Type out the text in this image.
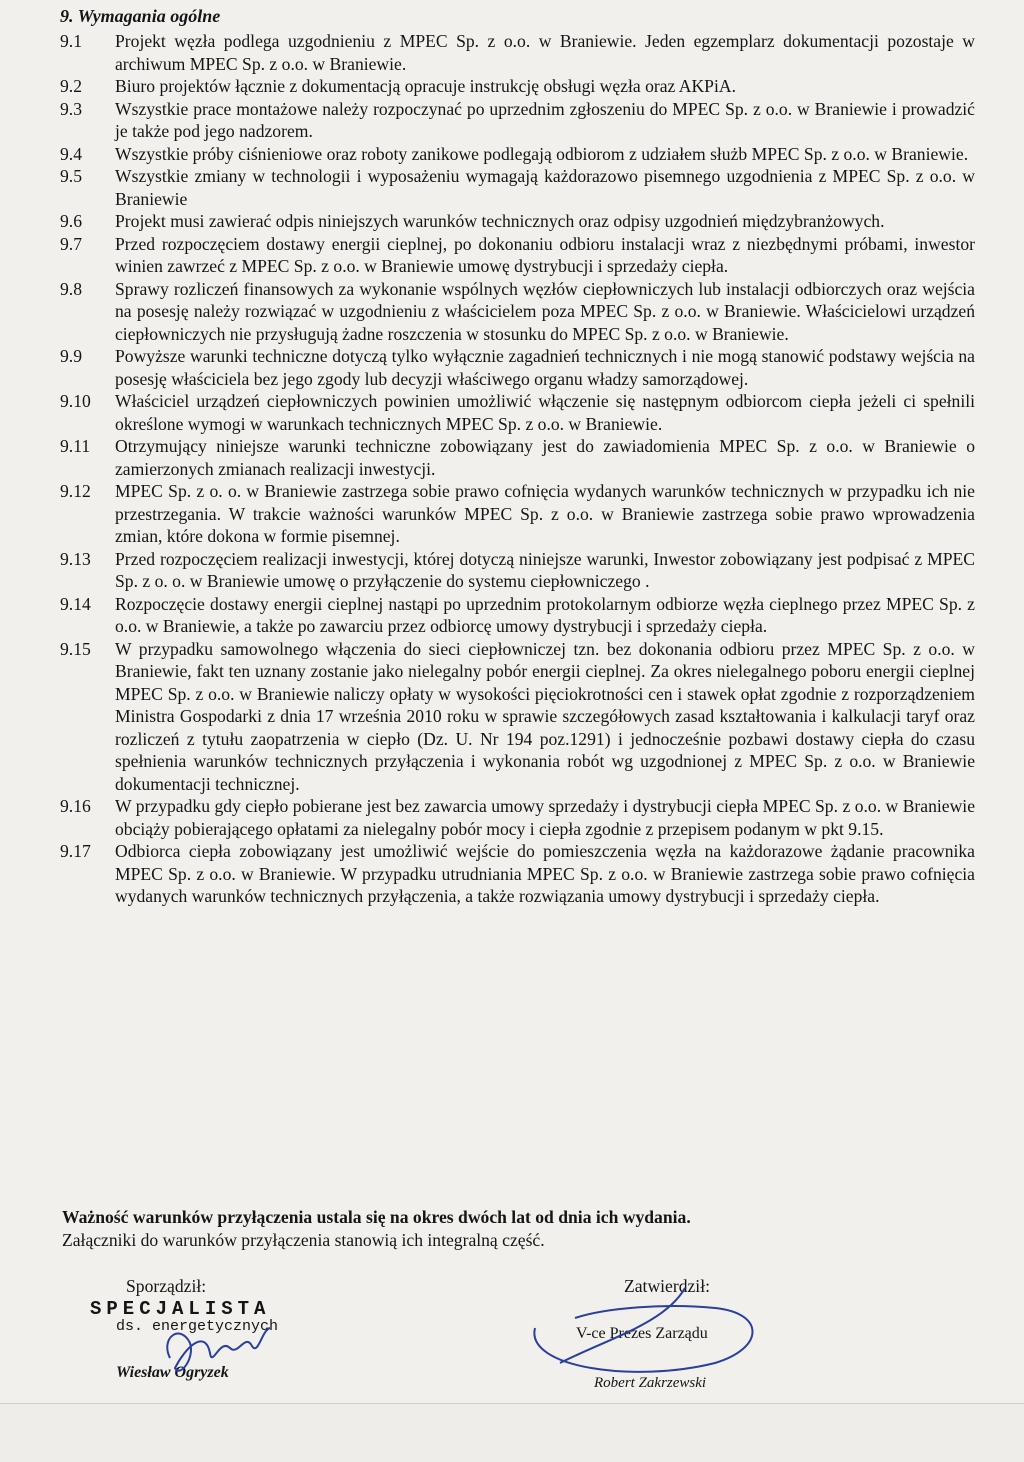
9. Wymagania ogólne
9.1	Projekt węzła podlega uzgodnieniu z MPEC Sp. z o.o. w Braniewie. Jeden egzemplarz dokumentacji pozostaje w archiwum MPEC Sp. z o.o. w Braniewie.
9.2	Biuro projektów łącznie z dokumentacją opracuje instrukcję obsługi węzła oraz AKPiA.
9.3	Wszystkie prace montażowe należy rozpoczynać po uprzednim zgłoszeniu do MPEC Sp. z o.o. w Braniewie i prowadzić je także pod jego nadzorem.
9.4	Wszystkie próby ciśnieniowe oraz roboty zanikowe podlegają odbiorom z udziałem służb MPEC Sp. z o.o. w Braniewie.
9.5	Wszystkie zmiany w technologii i wyposażeniu wymagają każdorazowo pisemnego uzgodnienia z MPEC Sp. z o.o. w Braniewie
9.6	Projekt musi zawierać odpis niniejszych warunków technicznych oraz odpisy uzgodnień międzybranżowych.
9.7	Przed rozpoczęciem dostawy energii cieplnej, po dokonaniu odbioru instalacji wraz z niezbędnymi próbami, inwestor winien zawrzeć z MPEC Sp. z o.o. w Braniewie umowę dystrybucji i sprzedaży ciepła.
9.8	Sprawy rozliczeń finansowych za wykonanie wspólnych węzłów ciepłowniczych lub instalacji odbiorczych oraz wejścia na posesję należy rozwiązać w uzgodnieniu z właścicielem poza MPEC Sp. z o.o. w Braniewie. Właścicielowi urządzeń ciepłowniczych nie przysługują żadne roszczenia w stosunku do MPEC Sp. z o.o. w Braniewie.
9.9	Powyższe warunki techniczne dotyczą tylko wyłącznie zagadnień technicznych i nie mogą stanowić podstawy wejścia na posesję właściciela bez jego zgody lub decyzji właściwego organu władzy samorządowej.
9.10	Właściciel urządzeń ciepłowniczych powinien umożliwić włączenie się następnym odbiorcom ciepła jeżeli ci spełnili określone wymogi w warunkach technicznych MPEC Sp. z o.o. w Braniewie.
9.11	Otrzymujący niniejsze warunki techniczne zobowiązany jest do zawiadomienia MPEC Sp. z o.o. w Braniewie o zamierzonych zmianach realizacji inwestycji.
9.12	MPEC Sp. z o. o. w Braniewie zastrzega sobie prawo cofnięcia wydanych warunków technicznych w przypadku ich nie przestrzegania. W trakcie ważności warunków MPEC Sp. z o.o. w Braniewie zastrzega sobie prawo wprowadzenia zmian, które dokona w formie pisemnej.
9.13	Przed rozpoczęciem realizacji inwestycji, której dotyczą niniejsze warunki, Inwestor zobowiązany jest podpisać z MPEC Sp. z o. o. w Braniewie umowę o przyłączenie do systemu ciepłowniczego .
9.14	Rozpoczęcie dostawy energii cieplnej nastąpi po uprzednim protokolarnym odbiorze węzła cieplnego przez MPEC Sp. z o.o. w Braniewie, a także po zawarciu przez odbiorcę umowy dystrybucji i sprzedaży ciepła.
9.15	W przypadku samowolnego włączenia do sieci ciepłowniczej tzn. bez dokonania odbioru przez MPEC Sp. z o.o. w Braniewie, fakt ten uznany zostanie jako nielegalny pobór energii cieplnej. Za okres nielegalnego poboru energii cieplnej MPEC Sp. z o.o. w Braniewie naliczy opłaty w wysokości pięciokrotności cen i stawek opłat zgodnie z rozporządzeniem Ministra Gospodarki z dnia 17 września 2010 roku w sprawie szczegółowych zasad kształtowania i kalkulacji taryf oraz rozliczeń z tytułu zaopatrzenia w ciepło (Dz. U. Nr 194 poz.1291) i jednocześnie pozbawi dostawy ciepła do czasu spełnienia warunków technicznych przyłączenia i wykonania robót wg uzgodnionej z MPEC Sp. z o.o. w Braniewie dokumentacji technicznej.
9.16	W przypadku gdy ciepło pobierane jest bez zawarcia umowy sprzedaży i dystrybucji ciepła MPEC Sp. z o.o. w Braniewie obciąży pobierającego opłatami za nielegalny pobór mocy i ciepła zgodnie z przepisem podanym w pkt 9.15.
9.17	Odbiorca ciepła zobowiązany jest umożliwić wejście do pomieszczenia węzła na każdorazowe żądanie pracownika MPEC Sp. z o.o. w Braniewie. W przypadku utrudniania MPEC Sp. z o.o. w Braniewie zastrzega sobie prawo cofnięcia wydanych warunków technicznych przyłączenia, a także rozwiązania umowy dystrybucji i sprzedaży ciepła.
Ważność warunków przyłączenia ustala się na okres dwóch lat od dnia ich wydania.
Załączniki do warunków przyłączenia stanowią ich integralną część.
Sporządził:	Zatwierdził:
SPECJALISTA
ds. energetycznych
Wiesław Ogryzek
V-ce Prezes Zarządu
Robert Zakrzewski
